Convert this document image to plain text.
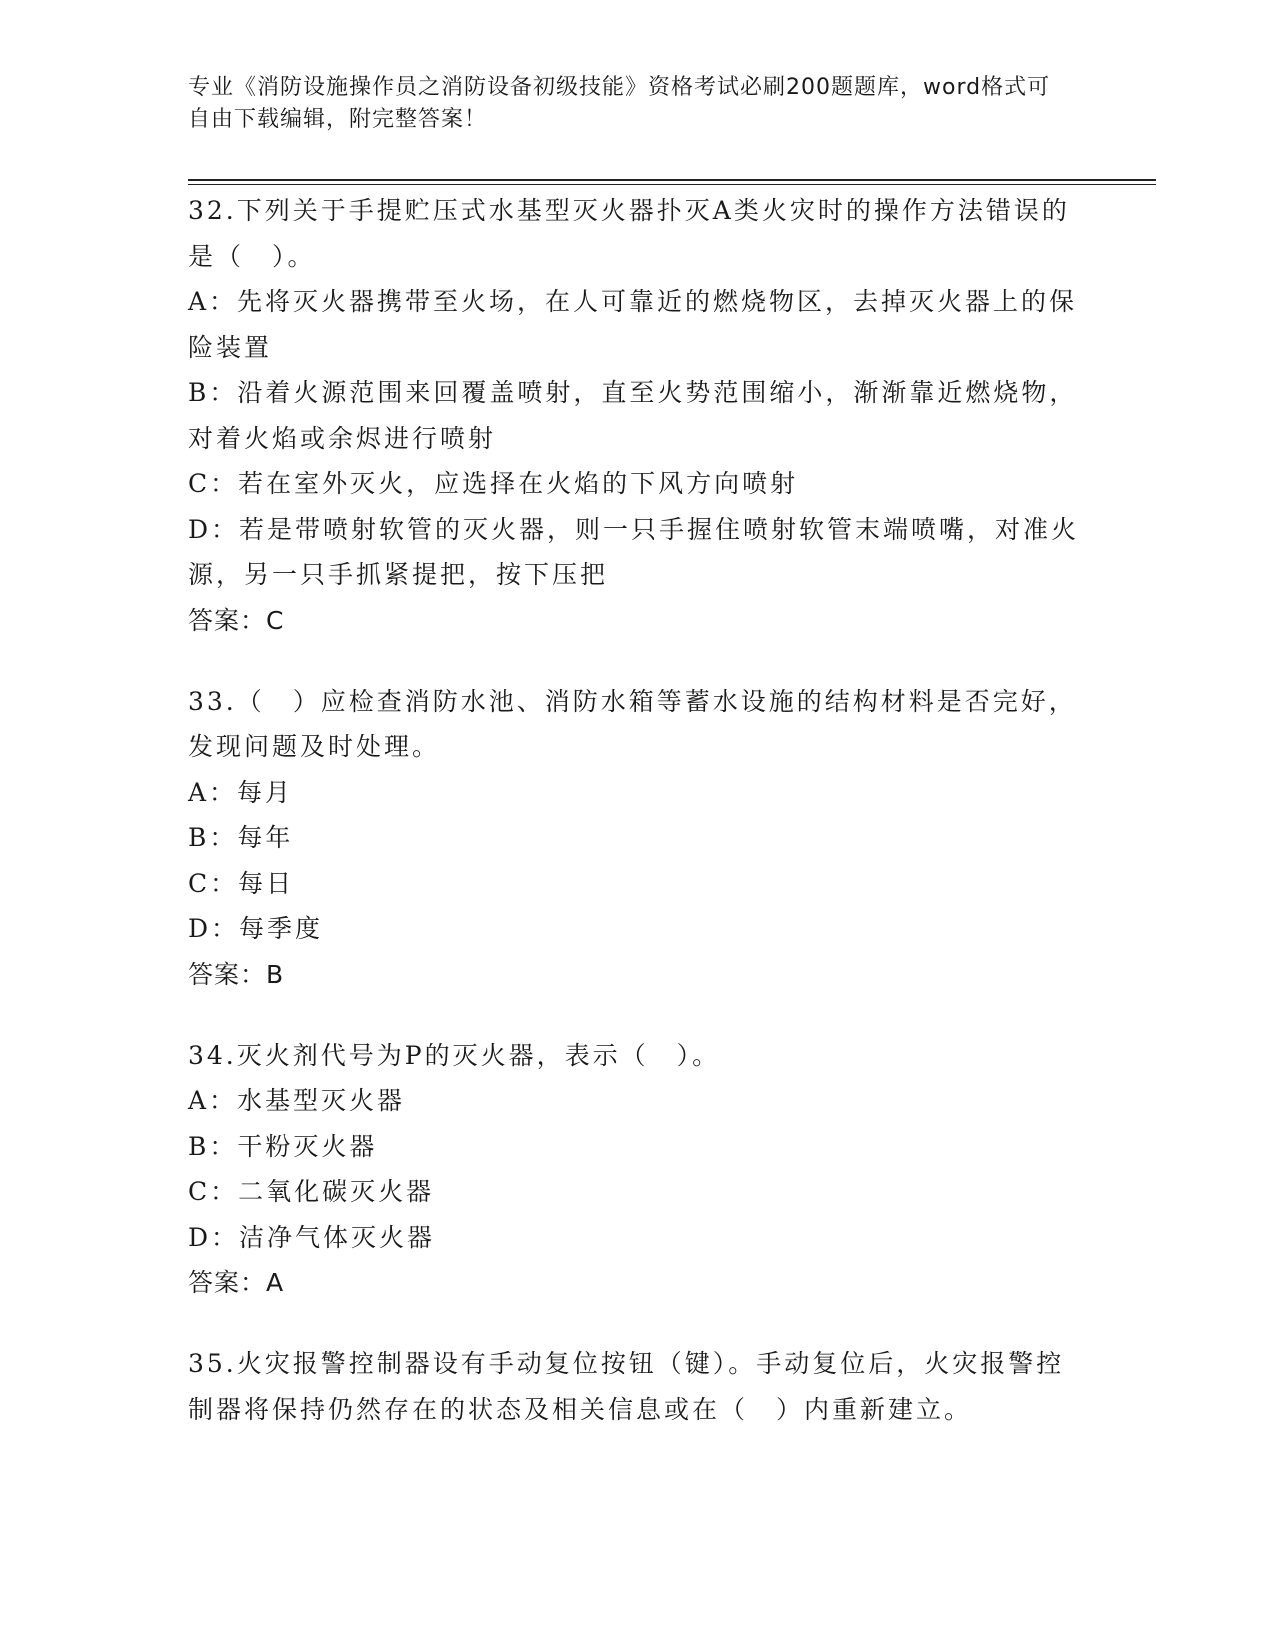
专业《消防设施操作员之消防设备初级技能》资格考试必刷200题题库，word格式可自由下载编辑，附完整答案！

32.下列关于手提贮压式水基型灭火器扑灭A类火灾时的操作方法错误的是（　）。

A：先将灭火器携带至火场，在人可靠近的燃烧物区，去掉灭火器上的保险装置

B：沿着火源范围来回覆盖喷射，直至火势范围缩小，渐渐靠近燃烧物，对着火焰或余烬进行喷射

C：若在室外灭火，应选择在火焰的下风方向喷射

D：若是带喷射软管的灭火器，则一只手握住喷射软管末端喷嘴，对准火源，另一只手抓紧提把，按下压把

答案：C

33.（　）应检查消防水池、消防水箱等蓄水设施的结构材料是否完好，发现问题及时处理。

A：每月

B：每年

C：每日

D：每季度

答案：B

34.灭火剂代号为P的灭火器，表示（　）。

A：水基型灭火器

B：干粉灭火器

C：二氧化碳灭火器

D：洁净气体灭火器

答案：A

35.火灾报警控制器设有手动复位按钮（键）。手动复位后，火灾报警控制器将保持仍然存在的状态及相关信息或在（　）内重新建立。
